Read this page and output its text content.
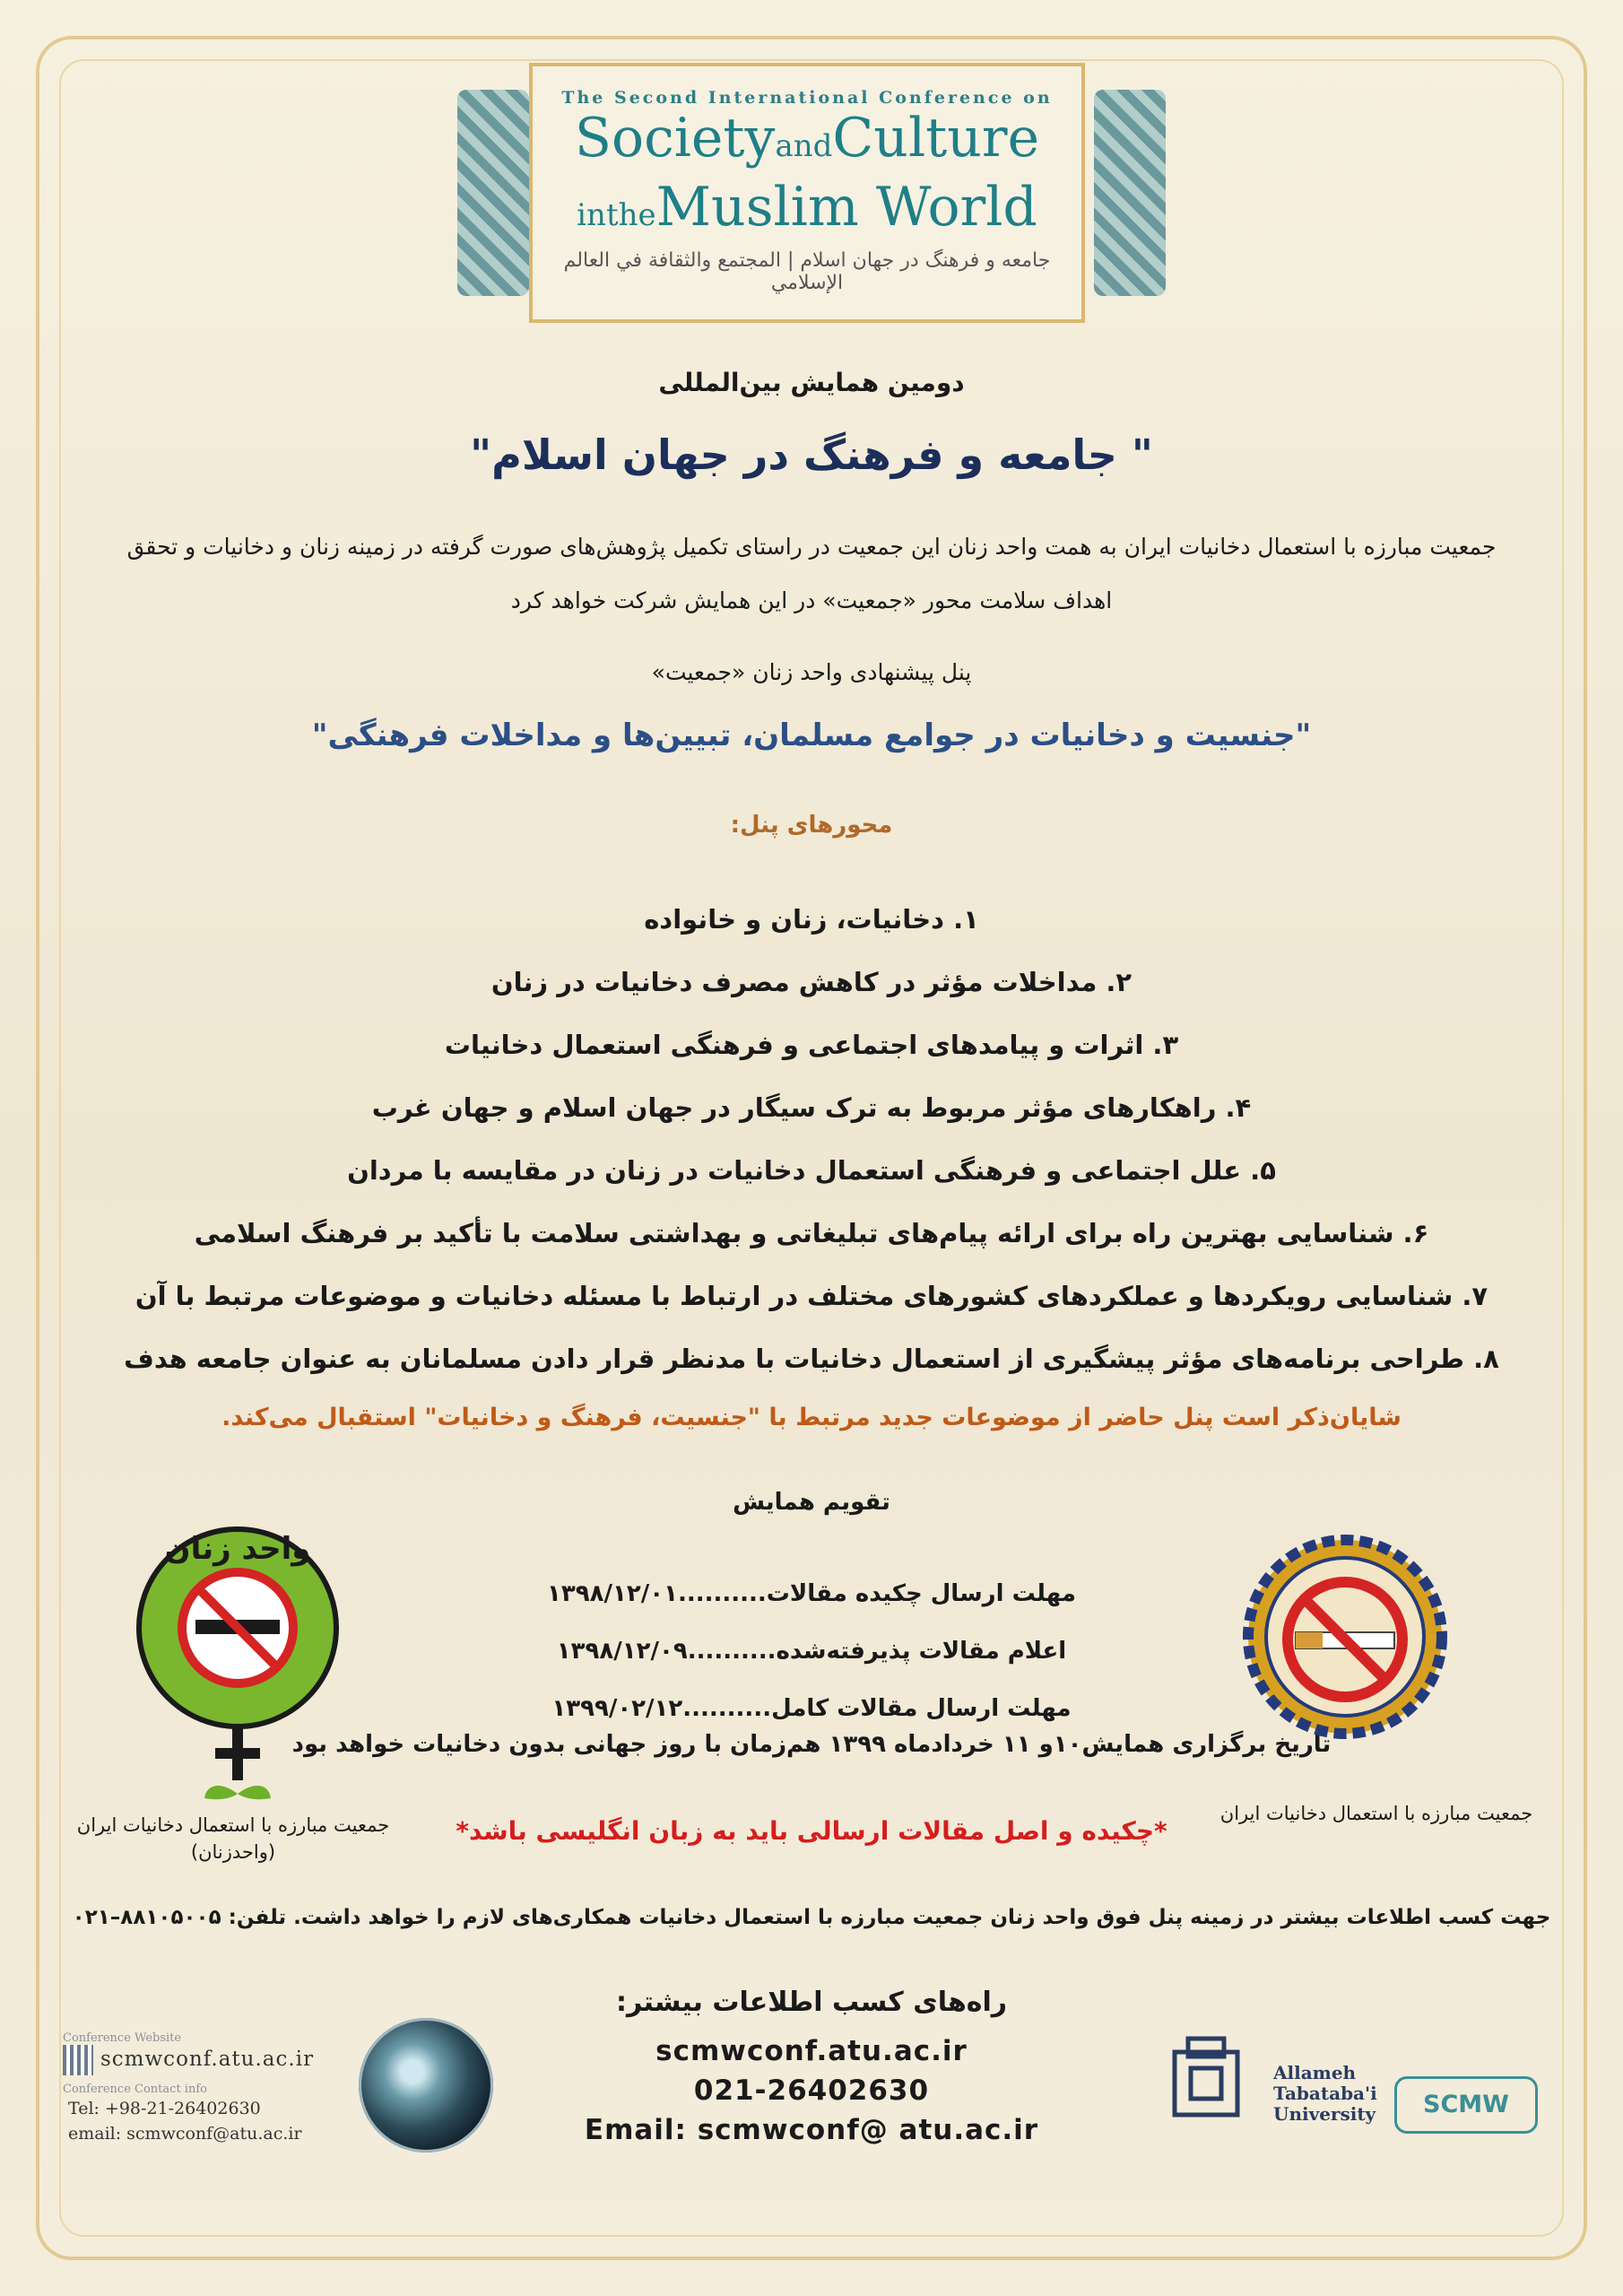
The Second International Conference on
SocietyandCulture
intheMuslim World
جامعه و فرهنگ در جهان اسلام | المجتمع والثقافة في العالم الإسلامي
دومین همایش بین‌المللی
" جامعه و فرهنگ در جهان اسلام"
جمعیت مبارزه با استعمال دخانیات ایران به همت واحد زنان این جمعیت در راستای تکمیل پژوهش‌های صورت گرفته در زمینه زنان و دخانیات و تحقق اهداف سلامت محور «جمعیت» در این همایش شرکت خواهد کرد
پنل پیشنهادی واحد زنان «جمعیت»
"جنسیت و دخانیات در جوامع مسلمان، تبیین‌ها و مداخلات فرهنگی"
محورهای پنل:
۱. دخانیات، زنان و خانواده
۲. مداخلات مؤثر در کاهش مصرف دخانیات در زنان
۳. اثرات و پیامدهای اجتماعی و فرهنگی استعمال دخانیات
۴. راهکارهای مؤثر مربوط به ترک سیگار در جهان اسلام و جهان غرب
۵. علل اجتماعی و فرهنگی استعمال دخانیات در زنان در مقایسه با مردان
۶. شناسایی بهترین راه برای ارائه پیام‌های تبلیغاتی و بهداشتی سلامت با تأکید بر فرهنگ اسلامی
۷. شناسایی رویکردها و عملکردهای کشورهای مختلف در ارتباط با مسئله دخانیات و موضوعات مرتبط با آن
۸. طراحی برنامه‌های مؤثر پیشگیری از استعمال دخانیات با مدنظر قرار دادن مسلمانان به عنوان جامعه هدف
شایان‌ذکر است پنل حاضر از موضوعات جدید مرتبط با "جنسیت، فرهنگ و دخانیات" استقبال می‌کند.
تقویم همایش
مهلت ارسال چکیده مقالات..........۱۳۹۸/۱۲/۰۱
اعلام مقالات پذیرفته‌شده..........۱۳۹۸/۱۲/۰۹
مهلت ارسال مقالات کامل..........۱۳۹۹/۰۲/۱۲
تاریخ برگزاری همایش۱۰و ۱۱ خردادماه ۱۳۹۹ هم‌زمان با روز جهانی بدون دخانیات خواهد بود
*چکیده و اصل مقالات ارسالی باید به زبان انگلیسی باشد*
جهت کسب اطلاعات بیشتر در زمینه پنل فوق واحد زنان جمعیت مبارزه با استعمال دخانیات همکاری‌های لازم را خواهد داشت. تلفن: ۸۸۱۰۵۰۰۵–۰۲۱
راه‌های کسب اطلاعات بیشتر:
scmwconf.atu.ac.ir
021-26402630
Email: scmwconf@ atu.ac.ir
جمعیت مبارزه با استعمال دخانیات ایران
واحد زنان
جمعیت مبارزه با استعمال دخانیات ایران
(واحدزنان)
Conference Website
scmwconf.atu.ac.ir
Conference Contact info
Tel: +98-21-26402630
email: scmwconf@atu.ac.ir
Allameh
Tabataba'i
University	SCMW
